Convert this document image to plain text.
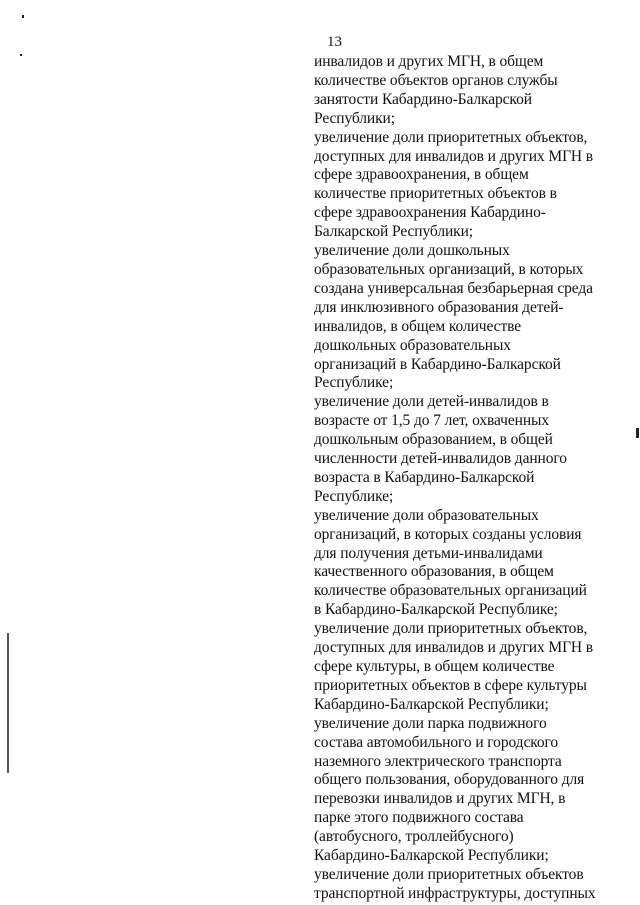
13
инвалидов и других МГН, в общем
количестве объектов органов службы
занятости Кабардино-Балкарской
Республики;
увеличение доли приоритетных объектов,
доступных для инвалидов и других МГН в
сфере здравоохранения, в общем
количестве приоритетных объектов в
сфере здравоохранения Кабардино-
Балкарской Республики;
увеличение доли дошкольных
образовательных организаций, в которых
создана универсальная безбарьерная среда
для инклюзивного образования детей-
инвалидов, в общем количестве
дошкольных образовательных
организаций в Кабардино-Балкарской
Республике;
увеличение доли детей-инвалидов в
возрасте от 1,5 до 7 лет, охваченных
дошкольным образованием, в общей
численности детей-инвалидов данного
возраста в Кабардино-Балкарской
Республике;
увеличение доли образовательных
организаций, в которых созданы условия
для получения детьми-инвалидами
качественного образования, в общем
количестве образовательных организаций
в Кабардино-Балкарской Республике;
увеличение доли приоритетных объектов,
доступных для инвалидов и других МГН в
сфере культуры, в общем количестве
приоритетных объектов в сфере культуры
Кабардино-Балкарской Республики;
увеличение доли парка подвижного
состава автомобильного и городского
наземного электрического транспорта
общего пользования, оборудованного для
перевозки инвалидов и других МГН, в
парке этого подвижного состава
(автобусного, троллейбусного)
Кабардино-Балкарской Республики;
увеличение доли приоритетных объектов
транспортной инфраструктуры, доступных
